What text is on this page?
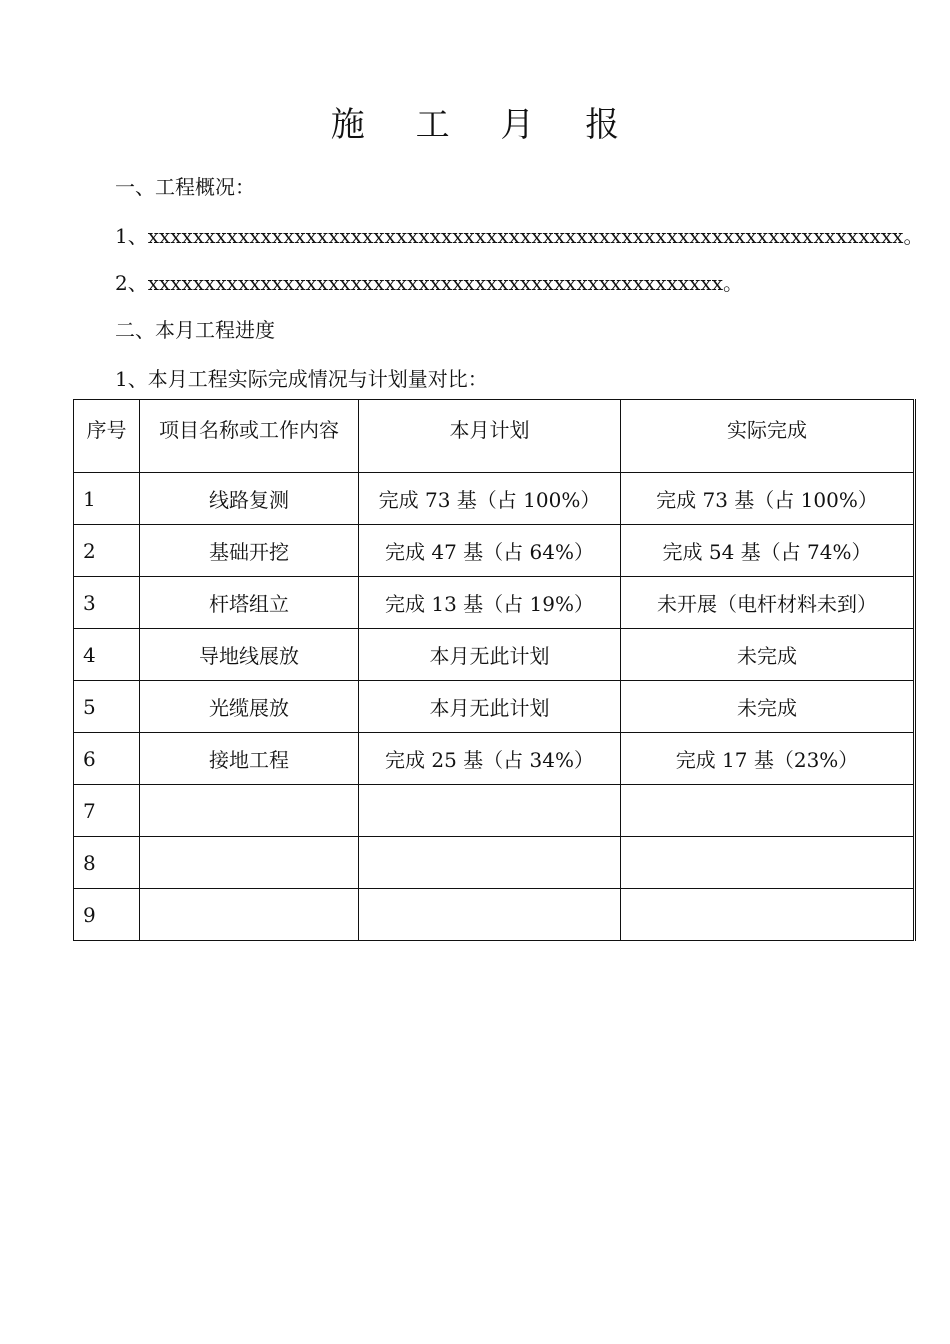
施 工 月 报
一、工程概况：
1、xxxxxxxxxxxxxxxxxxxxxxxxxxxxxxxxxxxxxxxxxxxxxxxxxxxxxxxxxxxxxxxxxxx。
2、xxxxxxxxxxxxxxxxxxxxxxxxxxxxxxxxxxxxxxxxxxxxxxxxxxx。
二、本月工程进度
1、本月工程实际完成情况与计划量对比：
序号	项目名称或工作内容	本月计划	实际完成
1	线路复测	完成 73 基（占 100%）	完成 73 基（占 100%）
2	基础开挖	完成 47 基（占 64%）	完成 54 基（占 74%）
3	杆塔组立	完成 13 基（占 19%）	未开展（电杆材料未到）
4	导地线展放	本月无此计划	未完成
5	光缆展放	本月无此计划	未完成
6	接地工程	完成 25 基（占 34%）	完成 17 基（23%）
7			
8			
9			
